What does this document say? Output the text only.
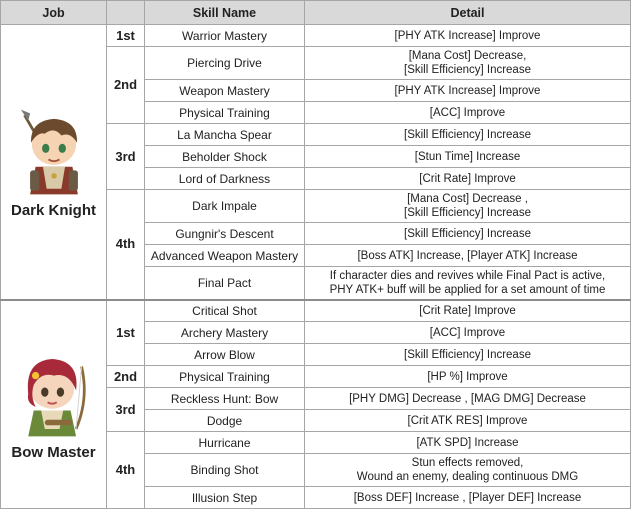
Job		Skill Name	Detail

Dark Knight	1st	Warrior Mastery	[PHY ATK Increase] Improve
	2nd	Piercing Drive	[Mana Cost] Decrease,
[Skill Efficiency] Increase
		Weapon Mastery	[PHY ATK Increase] Improve
		Physical Training	[ACC] Improve
	3rd	La Mancha Spear	[Skill Efficiency] Increase
		Beholder Shock	[Stun Time] Increase
		Lord of Darkness	[Crit Rate] Improve
	4th	Dark Impale	[Mana Cost] Decrease ,
[Skill Efficiency] Increase
		Gungnir's Descent	[Skill Efficiency] Increase
		Advanced Weapon Mastery	[Boss ATK] Increase, [Player ATK] Increase
		Final Pact	If character dies and revives while Final Pact is active,
PHY ATK+ buff will be applied for a set amount of time

Bow Master	1st	Critical Shot	[Crit Rate] Improve
		Archery Mastery	[ACC] Improve
		Arrow Blow	[Skill Efficiency] Increase
	2nd	Physical Training	[HP %] Improve
	3rd	Reckless Hunt: Bow	[PHY DMG] Decrease , [MAG DMG] Decrease
		Dodge	[Crit ATK RES] Improve
	4th	Hurricane	[ATK SPD] Increase
		Binding Shot	Stun effects removed,
Wound an enemy, dealing continuous DMG
		Illusion Step	[Boss DEF] Increase , [Player DEF] Increase
